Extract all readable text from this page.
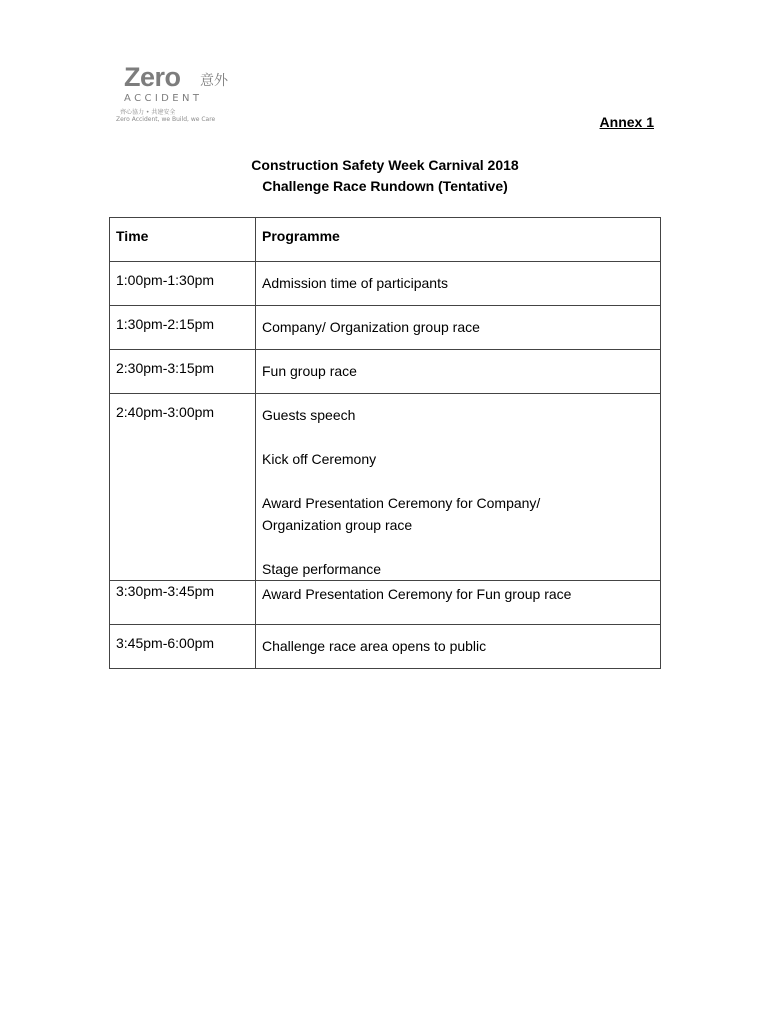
Zero 意外
ACCIDENT
齊心協力 • 共建安全
Zero Accident, we Build, we Care	Annex 1
Construction Safety Week Carnival 2018
Challenge Race Rundown (Tentative)
Time	Programme
1:00pm-1:30pm	Admission time of participants

1:30pm-2:15pm	Company/ Organization group race

2:30pm-3:15pm	Fun group race

2:40pm-3:00pm	Guests speech
Kick off Ceremony
Award Presentation Ceremony for Company/ Organization group race
Stage performance

3:30pm-3:45pm	Award Presentation Ceremony for Fun group race

3:45pm-6:00pm	Challenge race area opens to public
